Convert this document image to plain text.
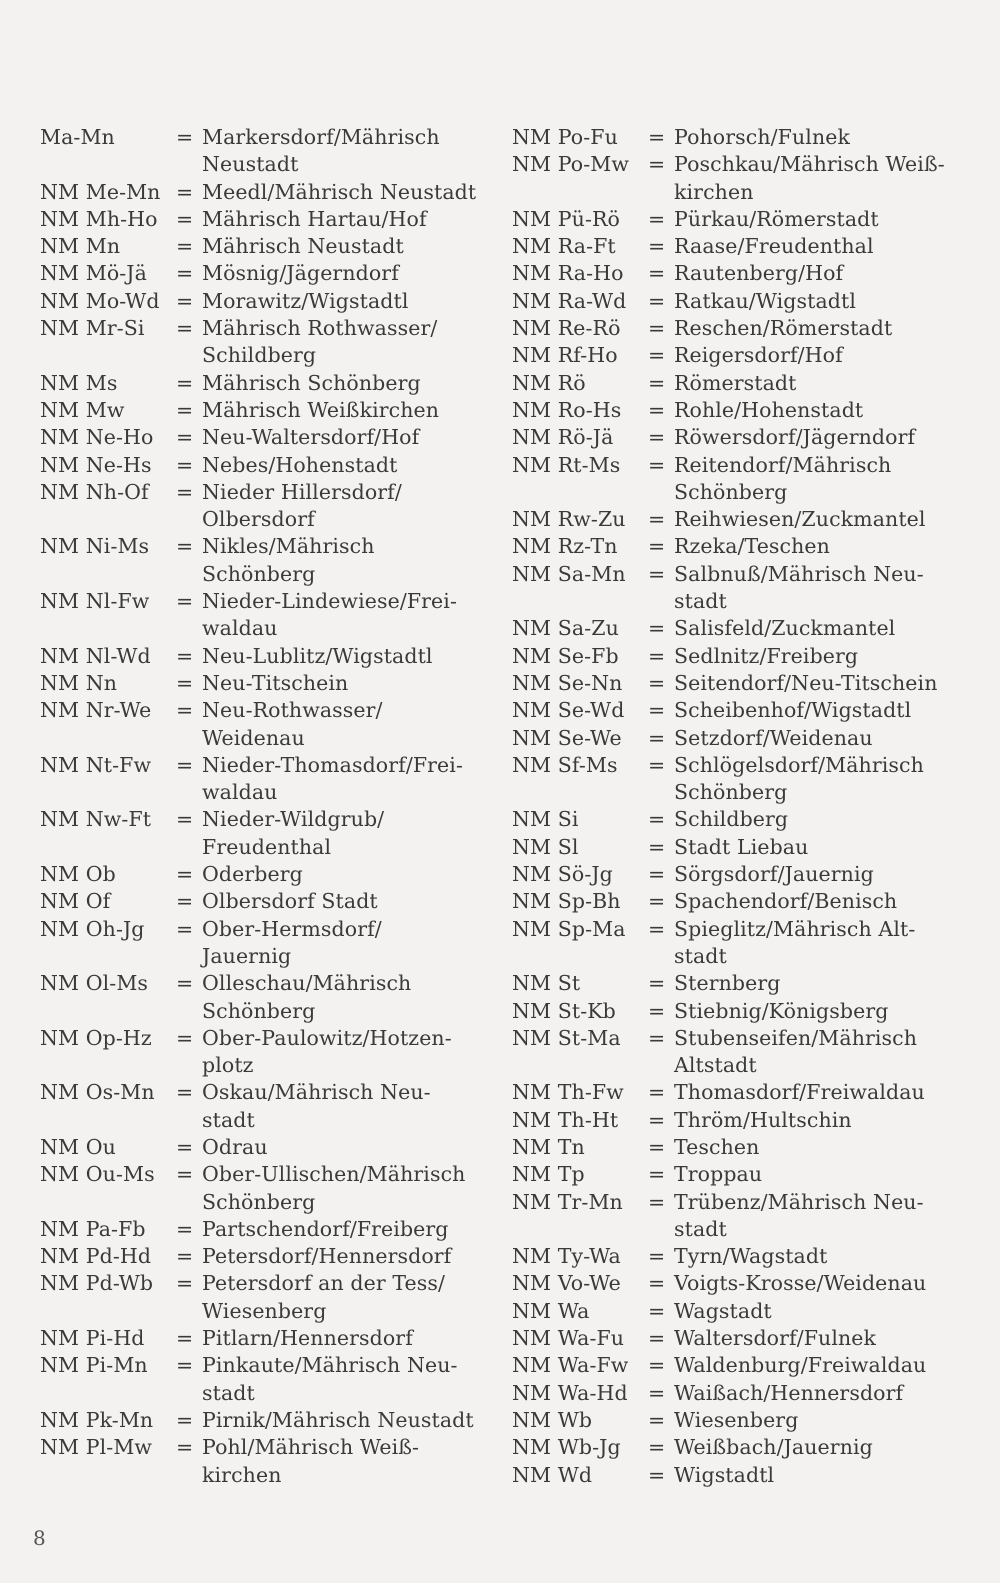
Ma-Mn	= Markersdorf/Mährisch
Neustadt
NM Me-Mn = Meedl/Mährisch Neustadt
NM Mh-Ho = Mährisch Hartau/Hof
NM Mn	= Mährisch Neustadt
NM Mö-Jä	= Mösnig/Jägerndorf
NM Mo-Wd = Morawitz/Wigstadtl
NM Mr-Si	= Mährisch Rothwasser/
Schildberg
NM Ms	= Mährisch Schönberg
NM Mw	= Mährisch Weißkirchen
NM Ne-Ho	= Neu-Waltersdorf/Hof
NM Ne-Hs	= Nebes/Hohenstadt
NM Nh-Of	= Nieder Hillersdorf/
Olbersdorf
NM Ni-Ms	= Nikles/Mährisch
Schönberg
NM Nl-Fw	= Nieder-Lindewiese/Frei-
waldau
NM Nl-Wd	= Neu-Lublitz/Wigstadtl
NM Nn	= Neu-Titschein
NM Nr-We	= Neu-Rothwasser/
Weidenau
NM Nt-Fw	= Nieder-Thomasdorf/Frei-
waldau
NM Nw-Ft	= Nieder-Wildgrub/
Freudenthal
NM Ob	= Oderberg
NM Of	= Olbersdorf Stadt
NM Oh-Jg	= Ober-Hermsdorf/
Jauernig
NM Ol-Ms	= Olleschau/Mährisch
Schönberg
NM Op-Hz	= Ober-Paulowitz/Hotzen-
plotz
NM Os-Mn	= Oskau/Mährisch Neu-
stadt
NM Ou	= Odrau
NM Ou-Ms	= Ober-Ullischen/Mährisch
Schönberg
NM Pa-Fb	= Partschendorf/Freiberg
NM Pd-Hd	= Petersdorf/Hennersdorf
NM Pd-Wb	= Petersdorf an der Tess/
Wiesenberg
NM Pi-Hd	= Pitlarn/Hennersdorf
NM Pi-Mn	= Pinkaute/Mährisch Neu-
stadt
NM Pk-Mn	= Pirnik/Mährisch Neustadt
NM Pl-Mw	= Pohl/Mährisch Weiß-
kirchen
NM Po-Fu	= Pohorsch/Fulnek
NM Po-Mw = Poschkau/Mährisch Weiß-
kirchen
NM Pü-Rö	= Pürkau/Römerstadt
NM Ra-Ft	= Raase/Freudenthal
NM Ra-Ho	= Rautenberg/Hof
NM Ra-Wd	= Ratkau/Wigstadtl
NM Re-Rö	= Reschen/Römerstadt
NM Rf-Ho	= Reigersdorf/Hof
NM Rö	= Römerstadt
NM Ro-Hs	= Rohle/Hohenstadt
NM Rö-Jä	= Röwersdorf/Jägerndorf
NM Rt-Ms	= Reitendorf/Mährisch
Schönberg
NM Rw-Zu	= Reihwiesen/Zuckmantel
NM Rz-Tn	= Rzeka/Teschen
NM Sa-Mn	= Salbnuß/Mährisch Neu-
stadt
NM Sa-Zu	= Salisfeld/Zuckmantel
NM Se-Fb	= Sedlnitz/Freiberg
NM Se-Nn	= Seitendorf/Neu-Titschein
NM Se-Wd	= Scheibenhof/Wigstadtl
NM Se-We	= Setzdorf/Weidenau
NM Sf-Ms	= Schlögelsdorf/Mährisch
Schönberg
NM Si	= Schildberg
NM Sl	= Stadt Liebau
NM Sö-Jg	= Sörgsdorf/Jauernig
NM Sp-Bh	= Spachendorf/Benisch
NM Sp-Ma	= Spieglitz/Mährisch Alt-
stadt
NM St	= Sternberg
NM St-Kb	= Stiebnig/Königsberg
NM St-Ma	= Stubenseifen/Mährisch
Altstadt
NM Th-Fw	= Thomasdorf/Freiwaldau
NM Th-Ht	= Thröm/Hultschin
NM Tn	= Teschen
NM Tp	= Troppau
NM Tr-Mn	= Trübenz/Mährisch Neu-
stadt
NM Ty-Wa	= Tyrn/Wagstadt
NM Vo-We	= Voigts-Krosse/Weidenau
NM Wa	= Wagstadt
NM Wa-Fu	= Waltersdorf/Fulnek
NM Wa-Fw = Waldenburg/Freiwaldau
NM Wa-Hd = Waißach/Hennersdorf
NM Wb	= Wiesenberg
NM Wb-Jg	= Weißbach/Jauernig
NM Wd	= Wigstadtl
8
